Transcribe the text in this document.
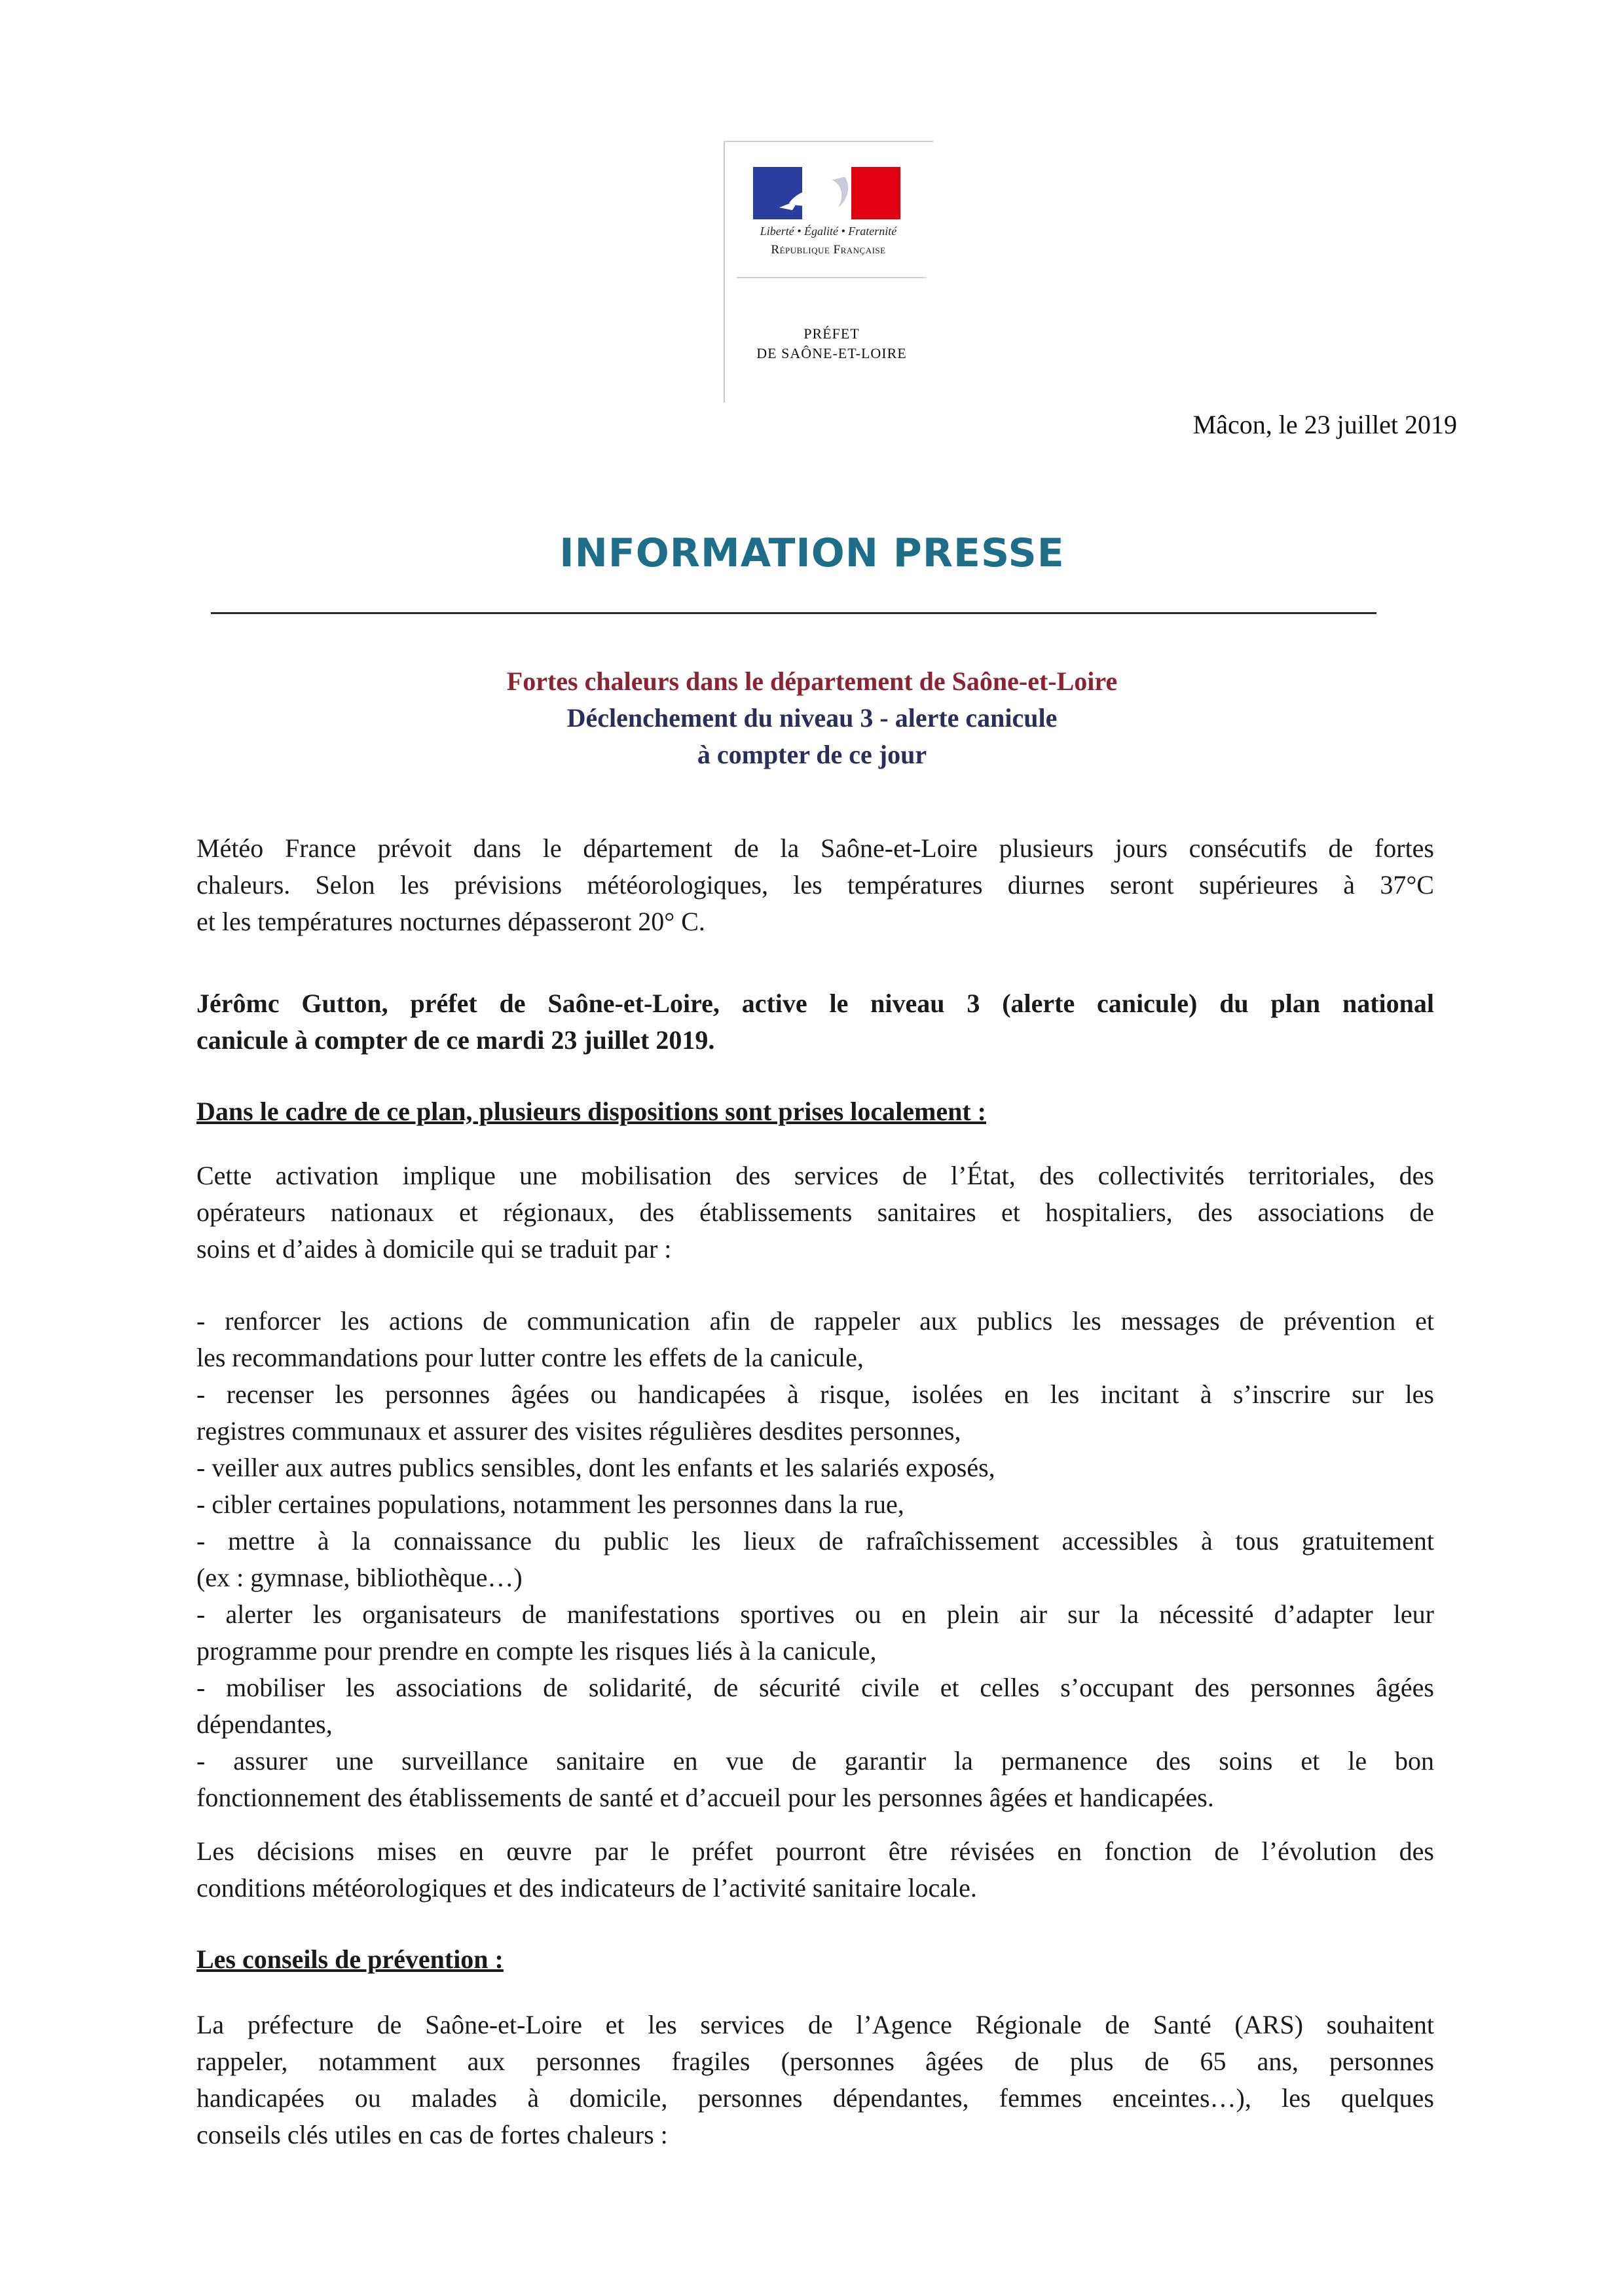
Liberté • Égalité • Fraternité
République Française
PRÉFET
DE SAÔNE-ET-LOIRE
Mâcon, le 23 juillet 2019
INFORMATION PRESSE
Fortes chaleurs dans le département de Saône-et-Loire
Déclenchement du niveau 3 - alerte canicule
à compter de ce jour
Météo France prévoit dans le département de la Saône-et-Loire plusieurs jours consécutifs de fortes
chaleurs. Selon les prévisions météorologiques, les températures diurnes seront supérieures à 37°C
et les températures nocturnes dépasseront 20° C.
Jérômc Gutton, préfet de Saône-et-Loire, active le niveau 3 (alerte canicule) du plan national
canicule à compter de ce mardi 23 juillet 2019.
Dans le cadre de ce plan, plusieurs dispositions sont prises localement :
Cette activation implique une mobilisation des services de l’État, des collectivités territoriales, des
opérateurs nationaux et régionaux, des établissements sanitaires et hospitaliers, des associations de
soins et d’aides à domicile qui se traduit par :
- renforcer les actions de communication afin de rappeler aux publics les messages de prévention et
les recommandations pour lutter contre les effets de la canicule,
- recenser les personnes âgées ou handicapées à risque, isolées en les incitant à s’inscrire sur les
registres communaux et assurer des visites régulières desdites personnes,
- veiller aux autres publics sensibles, dont les enfants et les salariés exposés,
- cibler certaines populations, notamment les personnes dans la rue,
- mettre à la connaissance du public les lieux de rafraîchissement accessibles à tous gratuitement
(ex : gymnase, bibliothèque…)
- alerter les organisateurs de manifestations sportives ou en plein air sur la nécessité d’adapter leur
programme pour prendre en compte les risques liés à la canicule,
- mobiliser les associations de solidarité, de sécurité civile et celles s’occupant des personnes âgées
dépendantes,
- assurer une surveillance sanitaire en vue de garantir la permanence des soins et le bon
fonctionnement des établissements de santé et d’accueil pour les personnes âgées et handicapées.
Les décisions mises en œuvre par le préfet pourront être révisées en fonction de l’évolution des
conditions météorologiques et des indicateurs de l’activité sanitaire locale.
Les conseils de prévention :
La préfecture de Saône-et-Loire et les services de l’Agence Régionale de Santé (ARS) souhaitent
rappeler, notamment aux personnes fragiles (personnes âgées de plus de 65 ans, personnes
handicapées ou malades à domicile, personnes dépendantes, femmes enceintes…), les quelques
conseils clés utiles en cas de fortes chaleurs :
